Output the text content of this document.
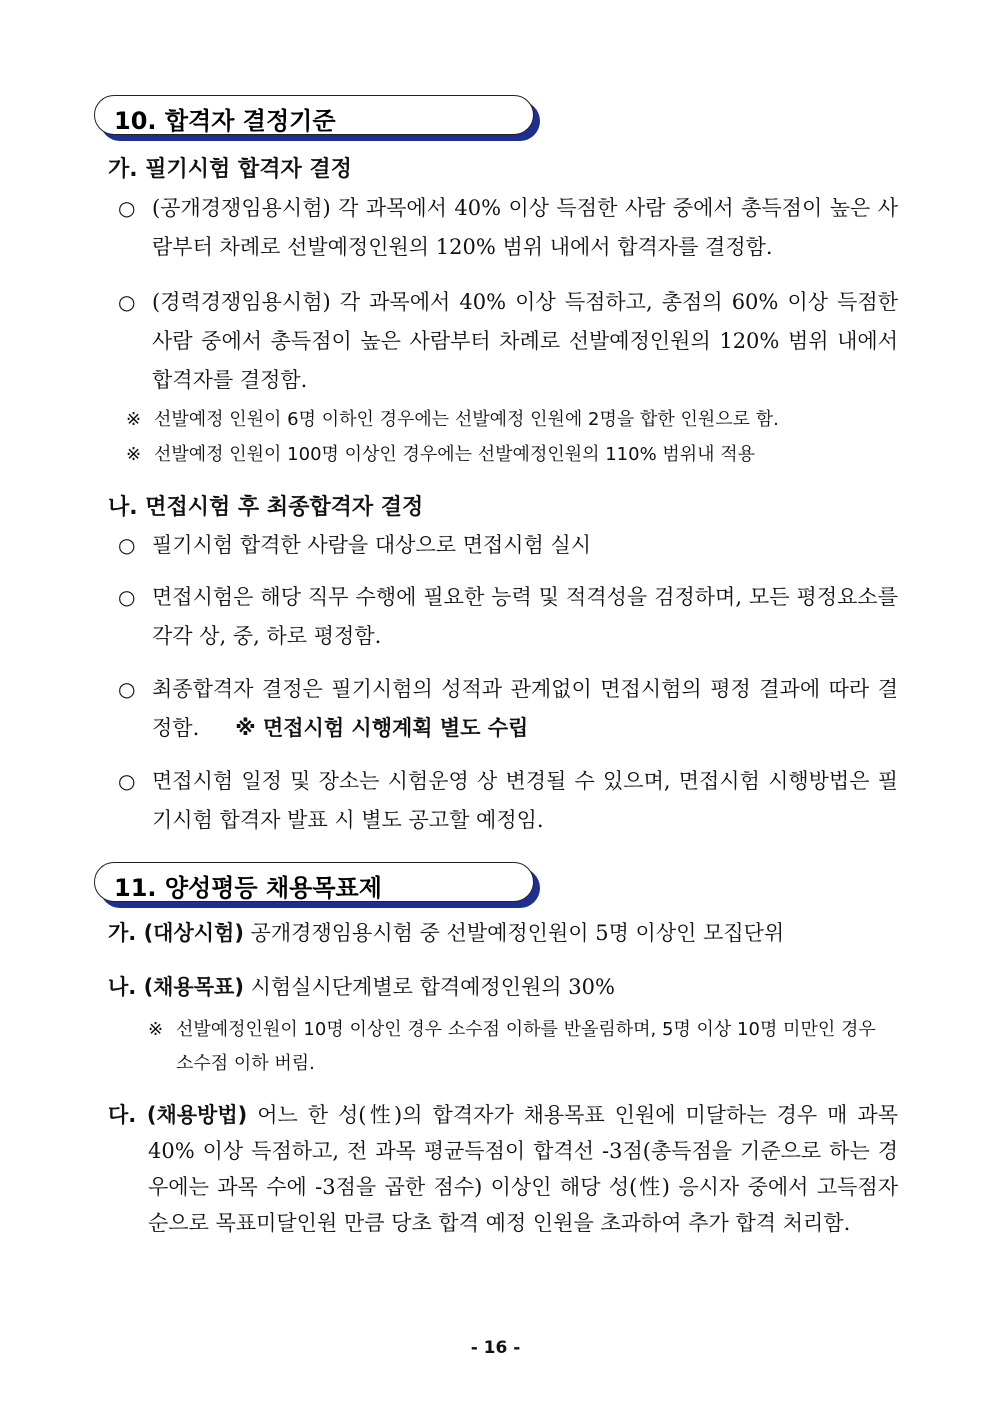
10. 합격자 결정기준
가. 필기시험 합격자 결정
○ (공개경쟁임용시험) 각 과목에서 40% 이상 득점한 사람 중에서 총득점이 높은 사람부터 차례로 선발예정인원의 120% 범위 내에서 합격자를 결정함.
○ (경력경쟁임용시험) 각 과목에서 40% 이상 득점하고, 총점의 60% 이상 득점한 사람 중에서 총득점이 높은 사람부터 차례로 선발예정인원의 120% 범위 내에서 합격자를 결정함.
※ 선발예정 인원이 6명 이하인 경우에는 선발예정 인원에 2명을 합한 인원으로 함.
※ 선발예정 인원이 100명 이상인 경우에는 선발예정인원의 110% 범위내 적용
나. 면접시험 후 최종합격자 결정
○ 필기시험 합격한 사람을 대상으로 면접시험 실시
○ 면접시험은 해당 직무 수행에 필요한 능력 및 적격성을 검정하며, 모든 평정요소를 각각 상, 중, 하로 평정함.
○ 최종합격자 결정은 필기시험의 성적과 관계없이 면접시험의 평정 결과에 따라 결정함. ※ 면접시험 시행계획 별도 수립
○ 면접시험 일정 및 장소는 시험운영 상 변경될 수 있으며, 면접시험 시행방법은 필기시험 합격자 발표 시 별도 공고할 예정임.
11. 양성평등 채용목표제
가. (대상시험) 공개경쟁임용시험 중 선발예정인원이 5명 이상인 모집단위
나. (채용목표) 시험실시단계별로 합격예정인원의 30%
※ 선발예정인원이 10명 이상인 경우 소수점 이하를 반올림하며, 5명 이상 10명 미만인 경우 소수점 이하 버림.
다. (채용방법) 어느 한 성(性)의 합격자가 채용목표 인원에 미달하는 경우 매 과목 40% 이상 득점하고, 전 과목 평균득점이 합격선 -3점(총득점을 기준으로 하는 경우에는 과목 수에 -3점을 곱한 점수) 이상인 해당 성(性) 응시자 중에서 고득점자 순으로 목표미달인원 만큼 당초 합격 예정 인원을 초과하여 추가 합격 처리함.
- 16 -
